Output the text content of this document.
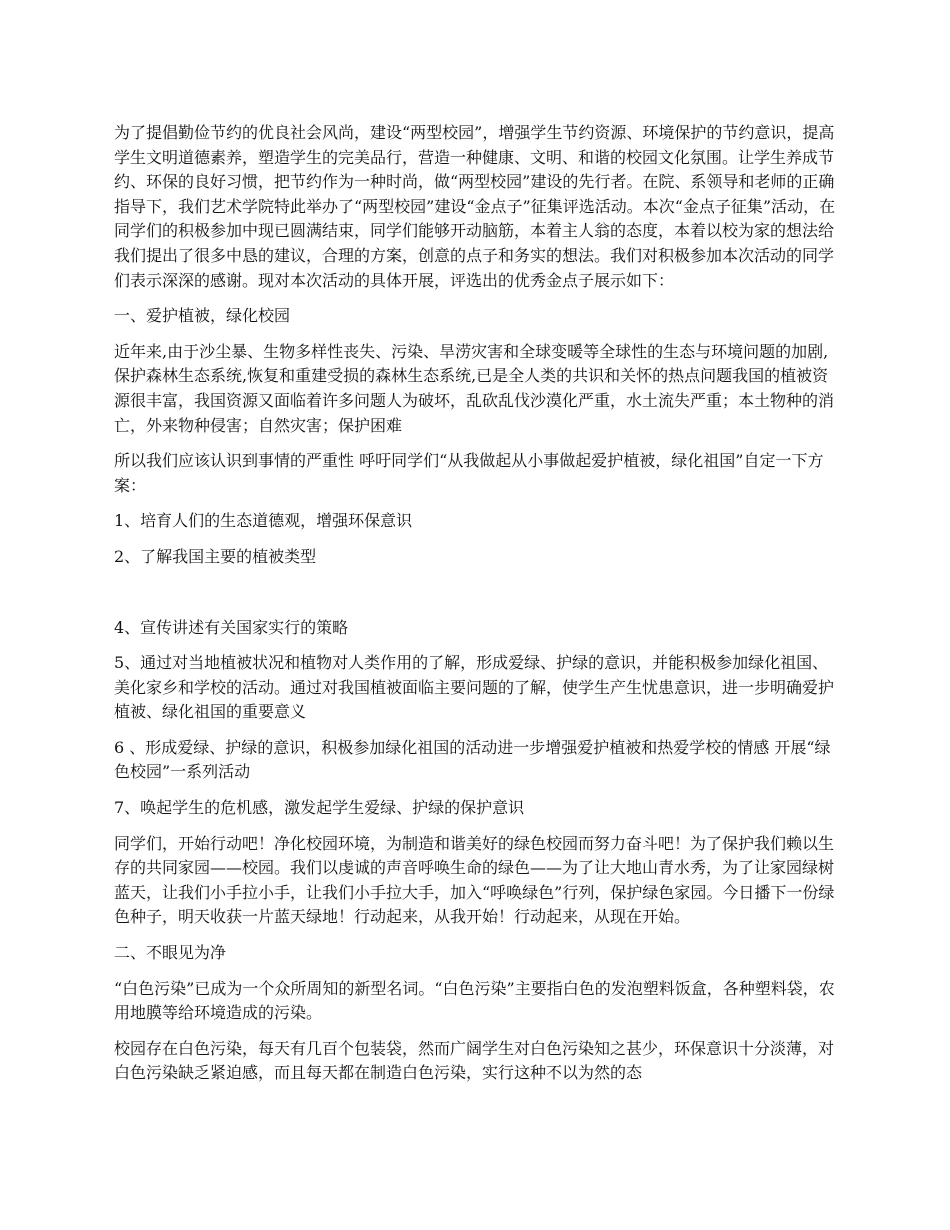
为了提倡勤俭节约的优良社会风尚，建设“两型校园”，增强学生节约资源、环境保护的节约意识，提高学生文明道德素养，塑造学生的完美品行，营造一种健康、文明、和谐的校园文化氛围。让学生养成节约、环保的良好习惯，把节约作为一种时尚，做“两型校园”建设的先行者。在院、系领导和老师的正确指导下，我们艺术学院特此举办了“两型校园”建设“金点子”征集评选活动。本次“金点子征集”活动，在同学们的积极参加中现已圆满结束，同学们能够开动脑筋，本着主人翁的态度，本着以校为家的想法给我们提出了很多中恳的建议，合理的方案，创意的点子和务实的想法。我们对积极参加本次活动的同学们表示深深的感谢。现对本次活动的具体开展，评选出的优秀金点子展示如下：

一、爱护植被，绿化校园

近年来,由于沙尘暴、生物多样性丧失、污染、旱涝灾害和全球变暖等全球性的生态与环境问题的加剧,保护森林生态系统,恢复和重建受损的森林生态系统,已是全人类的共识和关怀的热点问题我国的植被资源很丰富，我国资源又面临着许多问题人为破坏，乱砍乱伐沙漠化严重，水土流失严重；本土物种的消亡，外来物种侵害；自然灾害；保护困难

所以我们应该认识到事情的严重性 呼吁同学们“从我做起从小事做起爱护植被，绿化祖国”自定一下方案：

1、培育人们的生态道德观，增强环保意识

2、了解我国主要的植被类型

4、宣传讲述有关国家实行的策略

5、通过对当地植被状况和植物对人类作用的了解，形成爱绿、护绿的意识，并能积极参加绿化祖国、美化家乡和学校的活动。通过对我国植被面临主要问题的了解，使学生产生忧患意识，进一步明确爱护植被、绿化祖国的重要意义

6 、形成爱绿、护绿的意识，积极参加绿化祖国的活动进一步增强爱护植被和热爱学校的情感 开展“绿色校园”一系列活动

7、唤起学生的危机感，激发起学生爱绿、护绿的保护意识

同学们，开始行动吧！净化校园环境，为制造和谐美好的绿色校园而努力奋斗吧！为了保护我们赖以生存的共同家园——校园。我们以虔诚的声音呼唤生命的绿色——为了让大地山青水秀，为了让家园绿树蓝天，让我们小手拉小手，让我们小手拉大手，加入“呼唤绿色”行列，保护绿色家园。今日播下一份绿色种子，明天收获一片蓝天绿地！行动起来，从我开始！行动起来，从现在开始。

二、不眼见为净

“白色污染”已成为一个众所周知的新型名词。“白色污染”主要指白色的发泡塑料饭盒，各种塑料袋，农用地膜等给环境造成的污染。

校园存在白色污染，每天有几百个包装袋，然而广阔学生对白色污染知之甚少，环保意识十分淡薄，对白色污染缺乏紧迫感，而且每天都在制造白色污染，实行这种不以为然的态
